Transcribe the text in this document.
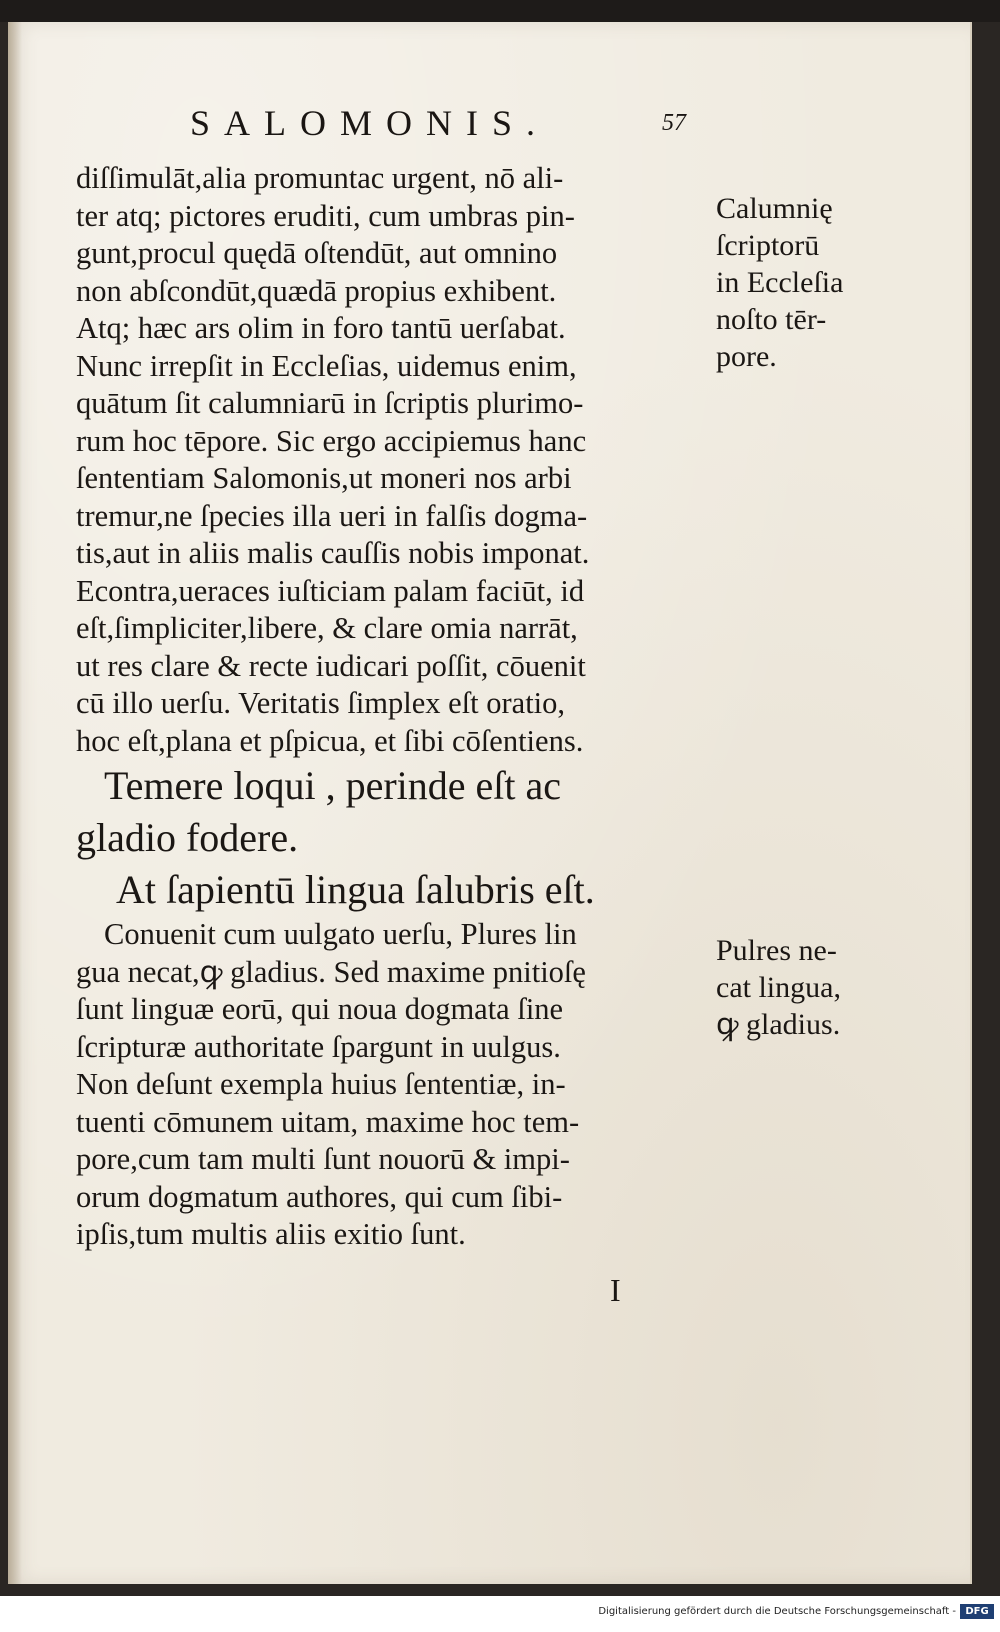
SALOMONIS.	57
diſſimulāt,alia promuntac urgent, nō ali-
ter atq; pictores eruditi, cum umbras pin-
gunt,procul quędā oſtendūt, aut omnino
non abſcondūt,quædā propius exhibent.
Atq; hæc ars olim in foro tantū uerſabat.
Nunc irrepſit in Eccleſias, uidemus enim,
quātum ſit calumniarū in ſcriptis plurimo-
rum hoc tēpore. Sic ergo accipiemus hanc
ſententiam Salomonis,ut moneri nos arbi
tremur,ne ſpecies illa ueri in falſis dogma-
tis,aut in aliis malis cauſſis nobis imponat.
Econtra,ueraces iuſticiam palam faciūt, id
eſt,ſimpliciter,libere, & clare omia narrāt,
ut res clare & recte iudicari poſſit, cōuenit
cū illo uerſu. Veritatis ſimplex eſt oratio,
hoc eſt,plana et pſpicua, et ſibi cōſentiens.
Temere loqui , perinde eſt ac
gladio fodere.
At ſapientū lingua ſalubris eſt.
Conuenit cum uulgato uerſu, Plures lin
gua necat,ꝙ gladius. Sed maxime pnitioſę
ſunt linguæ eorū, qui noua dogmata ſine
ſcripturæ authoritate ſpargunt in uulgus.
Non deſunt exempla huius ſententiæ, in-
tuenti cōmunem uitam, maxime hoc tem-
pore,cum tam multi ſunt nouorū & impi-
orum dogmatum authores, qui cum ſibi-
ipſis,tum multis aliis exitio ſunt.
Calumnię
ſcriptorū
in Eccleſia
noſto tēr-
pore.
Pulres ne-
cat lingua,
ꝙ gladius.
I
Digitalisierung gefördert durch die Deutsche Forschungsgemeinschaft - DFG
